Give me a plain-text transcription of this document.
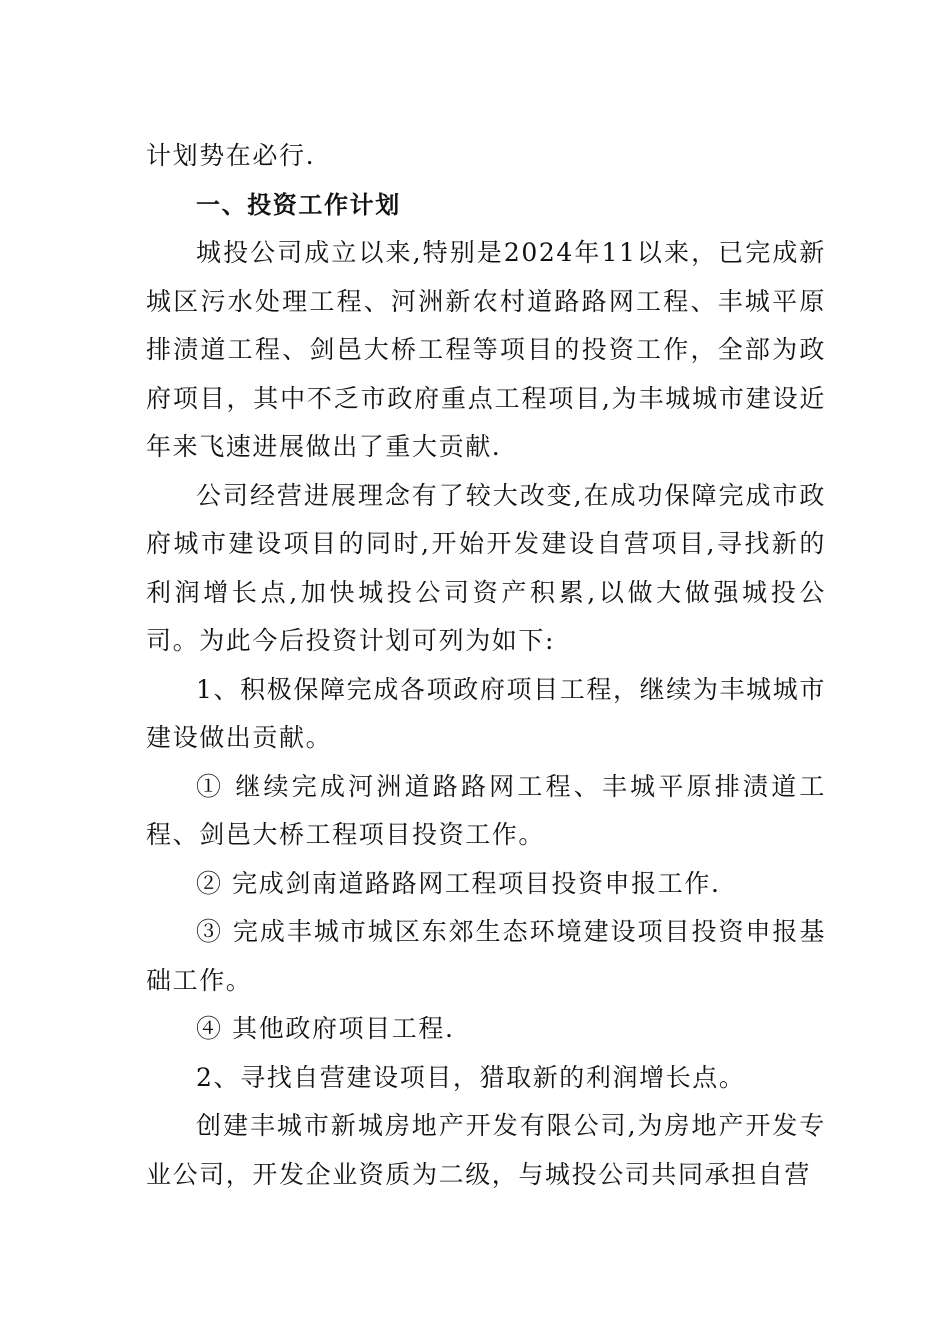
计划势在必行.

一、投资工作计划

城投公司成立以来,特别是2024年11以来，已完成新城区污水处理工程、河洲新农村道路路网工程、丰城平原排渍道工程、剑邑大桥工程等项目的投资工作，全部为政府项目，其中不乏市政府重点工程项目,为丰城城市建设近年来飞速进展做出了重大贡献.

公司经营进展理念有了较大改变,在成功保障完成市政府城市建设项目的同时,开始开发建设自营项目,寻找新的利润增长点,加快城投公司资产积累,以做大做强城投公司。为此今后投资计划可列为如下:

1、积极保障完成各项政府项目工程，继续为丰城城市建设做出贡献。

① 继续完成河洲道路路网工程、丰城平原排渍道工程、剑邑大桥工程项目投资工作。

② 完成剑南道路路网工程项目投资申报工作.

③ 完成丰城市城区东郊生态环境建设项目投资申报基础工作。

④ 其他政府项目工程.

2、寻找自营建设项目，猎取新的利润增长点。

创建丰城市新城房地产开发有限公司,为房地产开发专业公司，开发企业资质为二级，与城投公司共同承担自营
